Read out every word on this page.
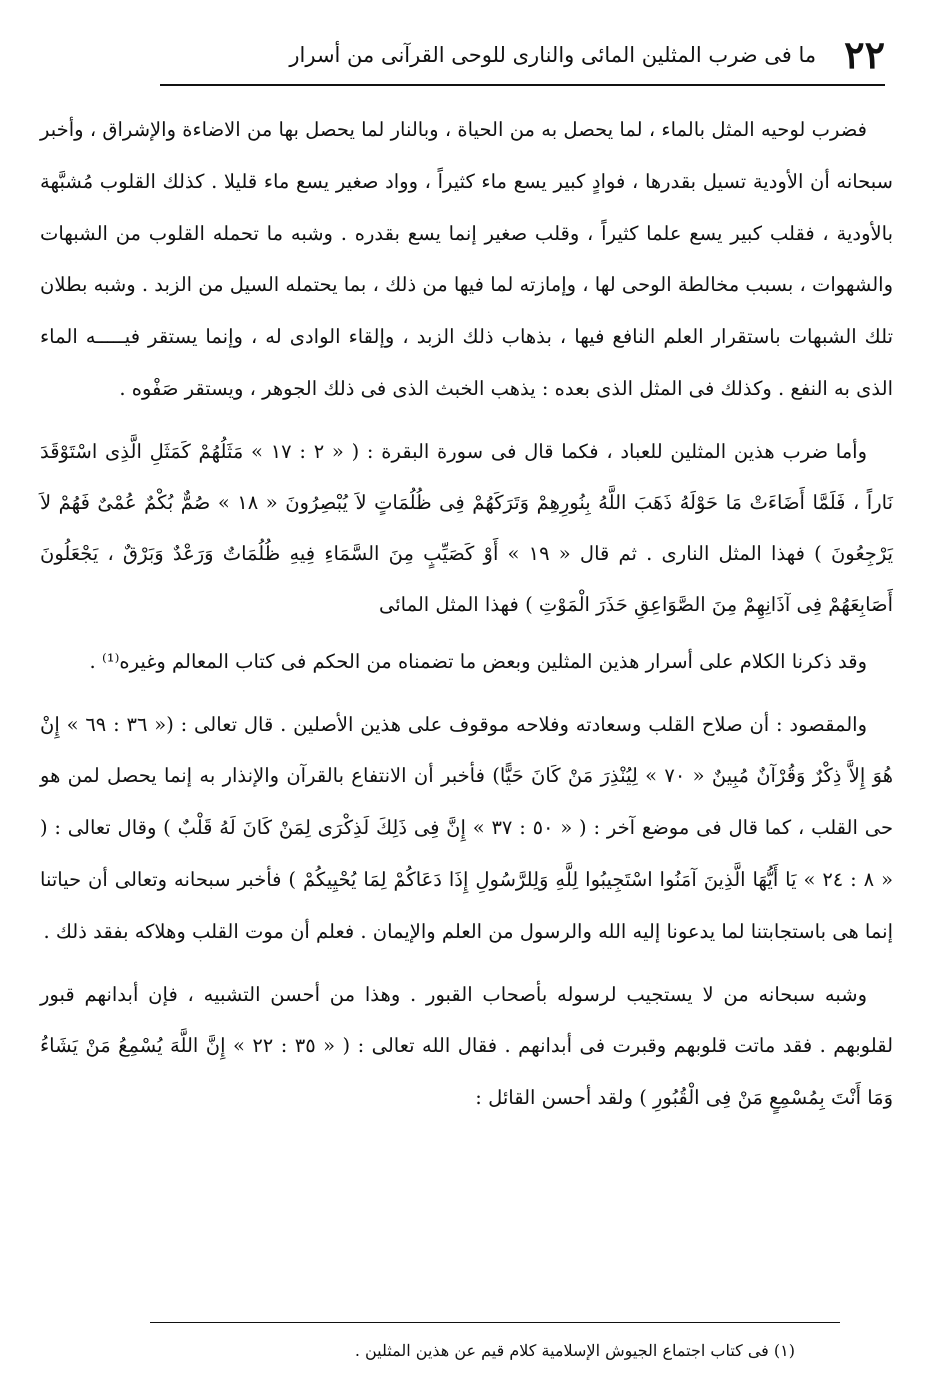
٢٢
ما فى ضرب المثلين المائى والنارى للوحى القرآنى من أسرار

فضرب لوحيه المثل بالماء ، لما يحصل به من الحياة ، وبالنار لما يحصل بها من الاضاءة والإشراق ، وأخبر سبحانه أن الأودية تسيل بقدرها ، فوادٍ كبير يسع ماء كثيراً ، وواد صغير يسع ماء قليلا . كذلك القلوب مُشبَّهة بالأودية ، فقلب كبير يسع علما كثيراً ، وقلب صغير إنما يسع بقدره . وشبه ما تحمله القلوب من الشبهات والشهوات ، بسبب مخالطة الوحى لها ، وإمازته لما فيها من ذلك ، بما يحتمله السيل من الزبد . وشبه بطلان تلك الشبهات باستقرار العلم النافع فيها ، بذهاب ذلك الزبد ، وإلقاء الوادى له ، وإنما يستقر فيـــــه الماء الذى به النفع . وكذلك فى المثل الذى بعده : يذهب الخبث الذى فى ذلك الجوهر ، ويستقر صَفْوه .

وأما ضرب هذين المثلين للعباد ، فكما قال فى سورة البقرة : ( « ٢ : ١٧ » مَثَلُهُمْ كَمَثَلِ الَّذِى اسْتَوْقَدَ نَاراً ، فَلَمَّا أَضَاءَتْ مَا حَوْلَهُ ذَهَبَ اللَّهُ بِنُورِهِمْ وَتَرَكَهُمْ فِى ظُلُمَاتٍ لاَ يُبْصِرُونَ « ١٨ » صُمٌّ بُكْمٌ عُمْىٌ فَهُمْ لاَ يَرْجِعُونَ ) فهذا المثل النارى . ثم قال « ١٩ » أَوْ كَصَيِّبٍ مِنَ السَّمَاءِ فِيهِ ظُلُمَاتٌ وَرَعْدٌ وَبَرْقٌ ، يَجْعَلُونَ أَصَابِعَهُمْ فِى آذَانِهِمْ مِنَ الصَّوَاعِقِ حَذَرَ الْمَوْتِ ) فهذا المثل المائى

وقد ذكرنا الكلام على أسرار هذين المثلين وبعض ما تضمناه من الحكم فى كتاب المعالم وغيره⁽¹⁾ .

والمقصود : أن صلاح القلب وسعادته وفلاحه موقوف على هذين الأصلين . قال تعالى : (« ٣٦ : ٦٩ » إِنْ هُوَ إِلاَّ ذِكْرٌ وَقُرْآنٌ مُبِينٌ « ٧٠ » لِيُنْذِرَ مَنْ كَانَ حَيًّا) فأخبر أن الانتفاع بالقرآن والإنذار به إنما يحصل لمن هو حى القلب ، كما قال فى موضع آخر : ( « ٥٠ : ٣٧ » إِنَّ فِى ذَلِكَ لَذِكْرَى لِمَنْ كَانَ لَهُ قَلْبٌ ) وقال تعالى : ( « ٨ : ٢٤ » يَا أَيُّهَا الَّذِينَ آمَنُوا اسْتَجِيبُوا لِلَّهِ وَلِلرَّسُولِ إِذَا دَعَاكُمْ لِمَا يُحْيِيكُمْ ) فأخبر سبحانه وتعالى أن حياتنا إنما هى باستجابتنا لما يدعونا إليه الله والرسول من العلم والإيمان . فعلم أن موت القلب وهلاكه بفقد ذلك .

وشبه سبحانه من لا يستجيب لرسوله بأصحاب القبور . وهذا من أحسن التشبيه ، فإن أبدانهم قبور لقلوبهم . فقد ماتت قلوبهم وقبرت فى أبدانهم . فقال الله تعالى : ( « ٣٥ : ٢٢ » إِنَّ اللَّهَ يُسْمِعُ مَنْ يَشَاءُ وَمَا أَنْتَ بِمُسْمِعٍ مَنْ فِى الْقُبُورِ ) ولقد أحسن القائل :

(١) فى كتاب اجتماع الجيوش الإسلامية كلام قيم عن هذين المثلين .
